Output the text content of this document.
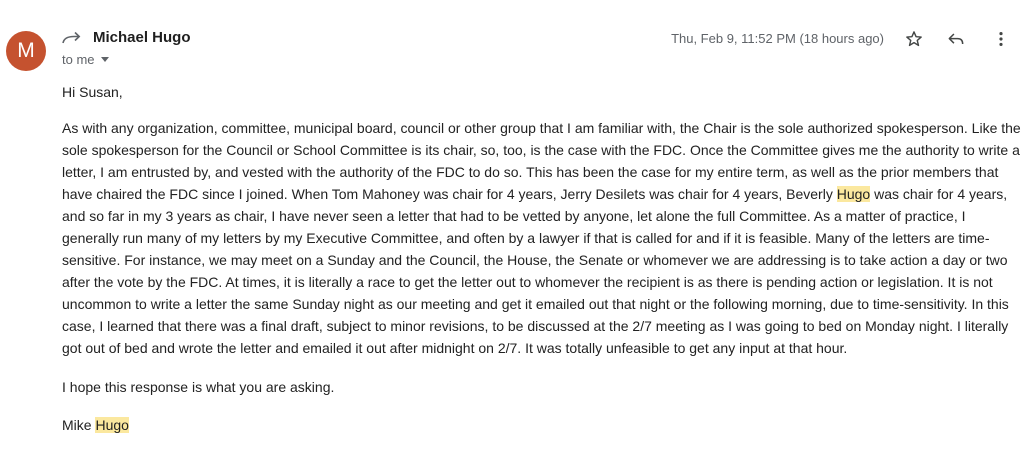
M
Michael Hugo
to me
Thu, Feb 9, 11:52 PM (18 hours ago)

Hi Susan,

As with any organization, committee, municipal board, council or other group that I am familiar with, the Chair is the sole authorized spokesperson. Like the sole spokesperson for the Council or School Committee is its chair, so, too, is the case with the FDC. Once the Committee gives me the authority to write a letter, I am entrusted by, and vested with the authority of the FDC to do so. This has been the case for my entire term, as well as the prior members that have chaired the FDC since I joined. When Tom Mahoney was chair for 4 years, Jerry Desilets was chair for 4 years, Beverly Hugo was chair for 4 years, and so far in my 3 years as chair, I have never seen a letter that had to be vetted by anyone, let alone the full Committee. As a matter of practice, I generally run many of my letters by my Executive Committee, and often by a lawyer if that is called for and if it is feasible. Many of the letters are time-sensitive. For instance, we may meet on a Sunday and the Council, the House, the Senate or whomever we are addressing is to take action a day or two after the vote by the FDC. At times, it is literally a race to get the letter out to whomever the recipient is as there is pending action or legislation. It is not uncommon to write a letter the same Sunday night as our meeting and get it emailed out that night or the following morning, due to time-sensitivity. In this case, I learned that there was a final draft, subject to minor revisions, to be discussed at the 2/7 meeting as I was going to bed on Monday night. I literally got out of bed and wrote the letter and emailed it out after midnight on 2/7. It was totally unfeasible to get any input at that hour.

I hope this response is what you are asking.

Mike Hugo
